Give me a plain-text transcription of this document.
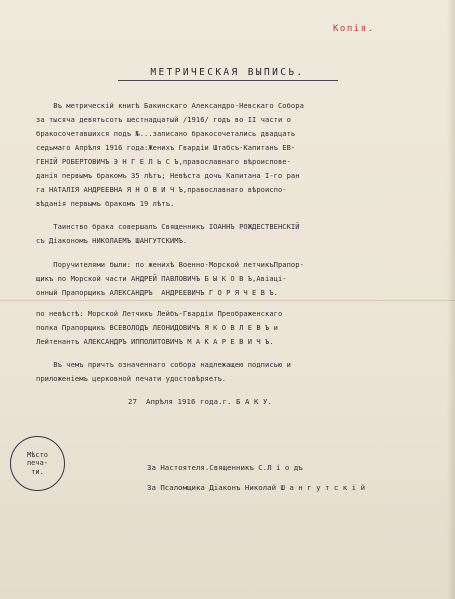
Копія.
МЕТРИЧЕСКАЯ ВЫПИСЬ.
Въ метрическій книгѣ Бакинскаго Александро-Невскаго Собора
за тысяча девятьсотъ шестнадцатый /1916/ годъ во II части о
бракосочетавшихся подъ №...записано бракосочетались двадцать
седьмаго Апрѣля 1916 года:Женихъ Гвардіи Штабсъ-Капитанъ ЕВ-
ГЕНІЙ РОБЕРТОВИЧЪ Э Н Г Е Л Ь С Ъ,православнаго вѣроиспове-
данія первымъ бракомъ 35 лѣтъ; Невѣста дочь Капитана I-го ран
га НАТАЛІЯ АНДРЕЕВНА Я Н О В И Ч Ъ,православнаго вѣроиспо-
вѣданія первымъ бракомъ 19 лѣтъ.
Таинство брака совершалъ Священникъ ІОАННЪ РОЖДЕСТВЕНСКІЙ
съ Діакономъ НИКОЛАЕМЪ ШАНГУТСКИМЪ.
Поручителями были: по женихѣ Военно-Морской летчикъПрапор-
щикъ по Морской части АНДРЕЙ ПАВЛОВИЧЪ Б Ы К О В Ъ,Авіаці-
онный Прапорщикъ АЛЕКСАНДРЪ  АНДРЕЕВИЧЪ Г О Р Я Ч Е В Ъ.
по невѣстѣ: Морской Летчикъ Лейбъ-Гвардіи Преображенскаго
полка Прапорщикъ ВСЕВОЛОДЪ ЛЕОНИДОВИЧЪ Я К О В Л Е В Ъ и
Лейтенантъ АЛЕКСАНДРЪ ИППОЛИТОВИЧЪ М А К А Р Е В И Ч Ъ.
Въ чемъ причтъ означеннаго собора надлежащею подписью и
приложеніемъ церковной печати удостовѣряетъ.
27  Апрѣля 1916 года.г. Б А К У.
Мѣсто
печа-
ти.	За Настоятеля.Священникъ С.Л і о дъ
За Псаломщика Діаконъ Николай Ш а н г у т с к і й
